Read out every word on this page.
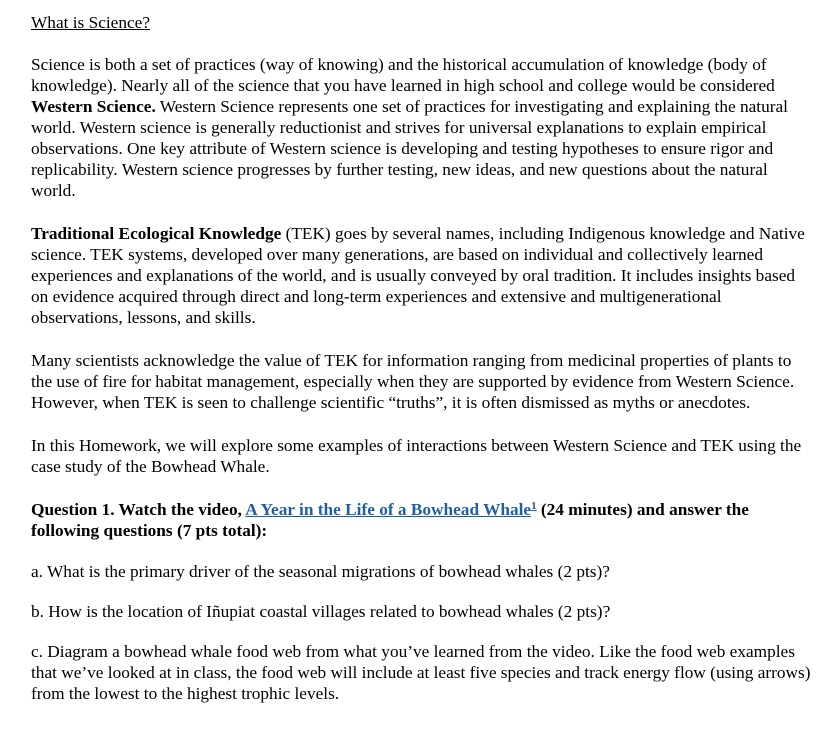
What is Science?

Science is both a set of practices (way of knowing) and the historical accumulation of knowledge (body of knowledge). Nearly all of the science that you have learned in high school and college would be considered Western Science. Western Science represents one set of practices for investigating and explaining the natural world. Western science is generally reductionist and strives for universal explanations to explain empirical observations. One key attribute of Western science is developing and testing hypotheses to ensure rigor and replicability. Western science progresses by further testing, new ideas, and new questions about the natural world.

Traditional Ecological Knowledge (TEK) goes by several names, including Indigenous knowledge and Native science. TEK systems, developed over many generations, are based on individual and collectively learned experiences and explanations of the world, and is usually conveyed by oral tradition. It includes insights based on evidence acquired through direct and long-term experiences and extensive and multigenerational observations, lessons, and skills.

Many scientists acknowledge the value of TEK for information ranging from medicinal properties of plants to the use of fire for habitat management, especially when they are supported by evidence from Western Science. However, when TEK is seen to challenge scientific “truths”, it is often dismissed as myths or anecdotes.

In this Homework, we will explore some examples of interactions between Western Science and TEK using the case study of the Bowhead Whale.

Question 1. Watch the video, A Year in the Life of a Bowhead Whale$^1$ (24 minutes) and answer the following questions (7 pts total):

a. What is the primary driver of the seasonal migrations of bowhead whales (2 pts)?

b. How is the location of Iñupiat coastal villages related to bowhead whales (2 pts)?

c. Diagram a bowhead whale food web from what you’ve learned from the video. Like the food web examples that we’ve looked at in class, the food web will include at least five species and track energy flow (using arrows) from the lowest to the highest trophic levels.
